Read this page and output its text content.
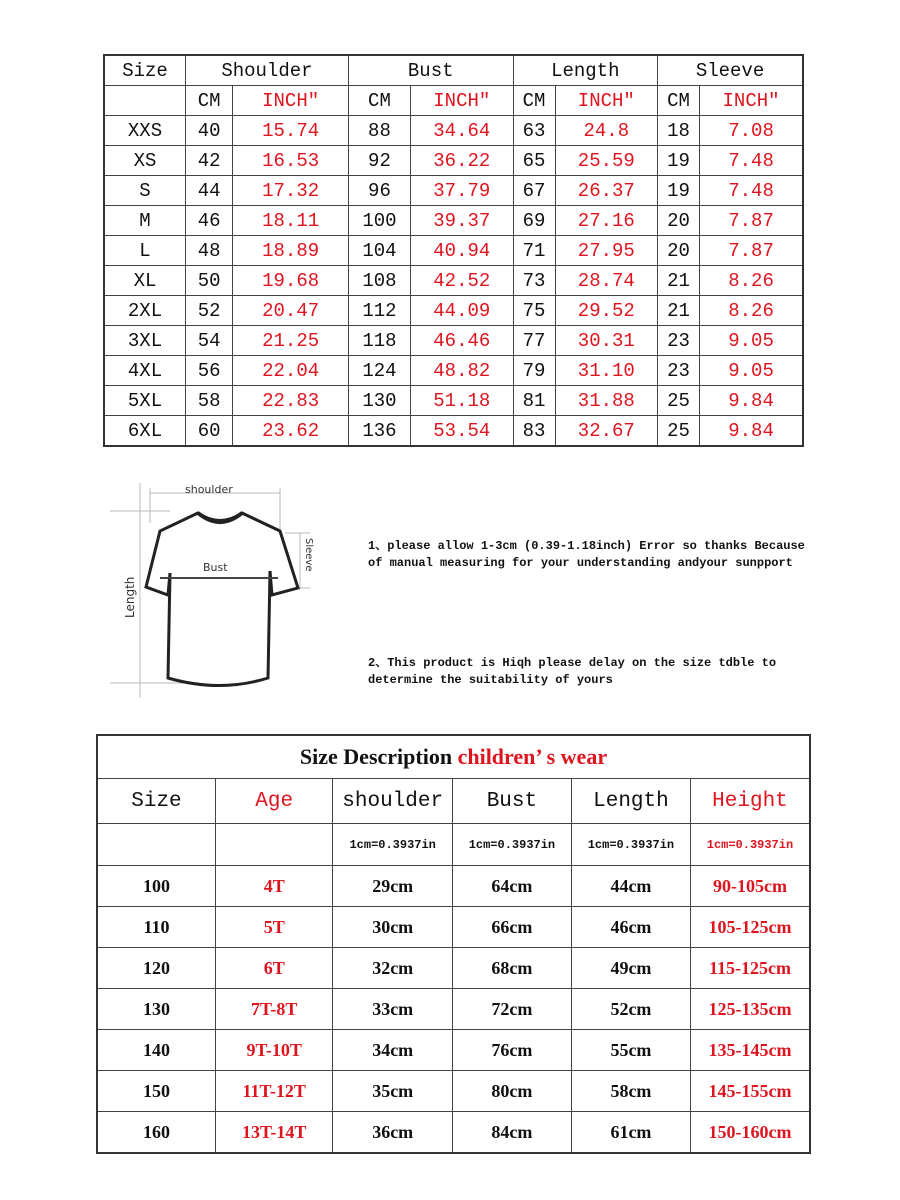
Size	Shoulder		Bust		Length		Sleeve	
	CM	INCH"	CM	INCH"	CM	INCH"	CM	INCH"
XXS	40	15.74	88	34.64	63	24.8	18	7.08
XS	42	16.53	92	36.22	65	25.59	19	7.48
S	44	17.32	96	37.79	67	26.37	19	7.48
M	46	18.11	100	39.37	69	27.16	20	7.87
L	48	18.89	104	40.94	71	27.95	20	7.87
XL	50	19.68	108	42.52	73	28.74	21	8.26
2XL	52	20.47	112	44.09	75	29.52	21	8.26
3XL	54	21.25	118	46.46	77	30.31	23	9.05
4XL	56	22.04	124	48.82	79	31.10	23	9.05
5XL	58	22.83	130	51.18	81	31.88	25	9.84
6XL	60	23.62	136	53.54	83	32.67	25	9.84
shoulder
Bust
Length
Sleeve	1、please allow 1-3cm (0.39-1.18inch) Error so thanks Because of manual measuring for your understanding andyour sunpport
2、This product is Hiqh please delay on the size tdble to determine the suitability of yours
Size Description children’ s wear					
Size	Age	shoulder	Bust	Length	Height
		1cm=0.3937in	1cm=0.3937in	1cm=0.3937in	1cm=0.3937in
100	4T	29cm	64cm	44cm	90-105cm
110	5T	30cm	66cm	46cm	105-125cm
120	6T	32cm	68cm	49cm	115-125cm
130	7T-8T	33cm	72cm	52cm	125-135cm
140	9T-10T	34cm	76cm	55cm	135-145cm
150	11T-12T	35cm	80cm	58cm	145-155cm
160	13T-14T	36cm	84cm	61cm	150-160cm
